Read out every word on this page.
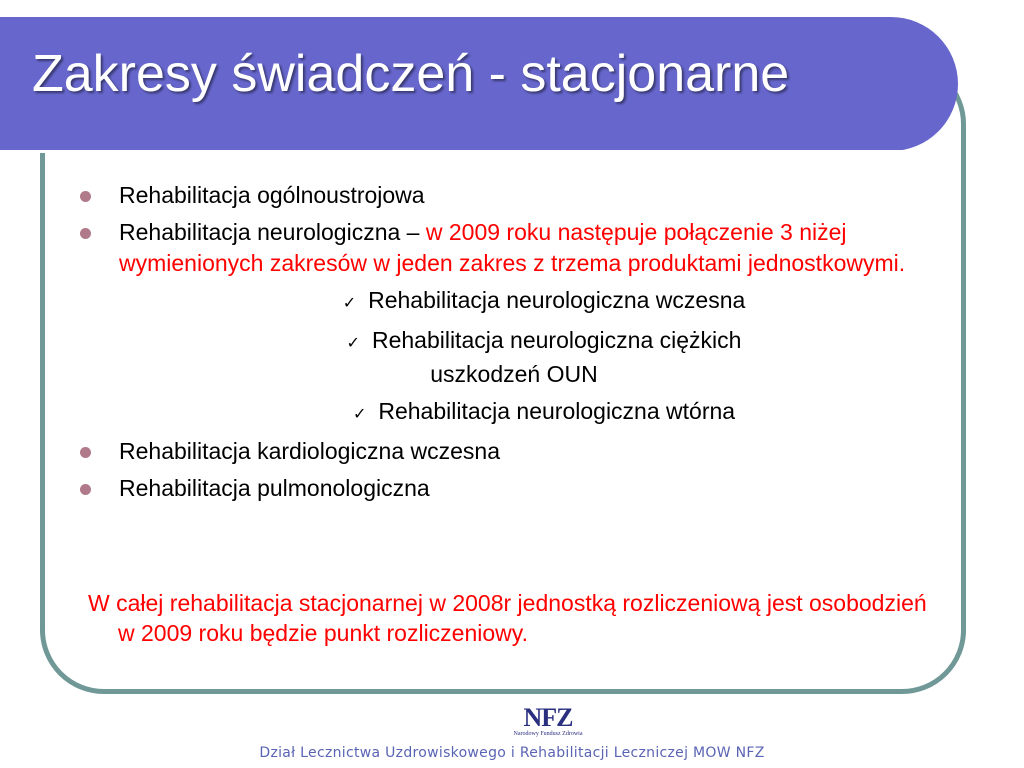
Zakresy świadczeń - stacjonarne
Rehabilitacja ogólnoustrojowa
Rehabilitacja neurologiczna – w 2009 roku następuje połączenie 3 niżej wymienionych zakresów w jeden zakres z trzema produktami jednostkowymi.
✓ Rehabilitacja neurologiczna wczesna
✓ Rehabilitacja neurologiczna ciężkich
uszkodzeń OUN
✓ Rehabilitacja neurologiczna wtórna
Rehabilitacja kardiologiczna wczesna
Rehabilitacja pulmonologiczna
W całej rehabilitacja stacjonarnej w 2008r jednostką rozliczeniową jest osobodzień w 2009 roku będzie punkt rozliczeniowy.
NFZ
Narodowy Fundusz Zdrowia
Dział Lecznictwa Uzdrowiskowego i Rehabilitacji Leczniczej MOW NFZ
